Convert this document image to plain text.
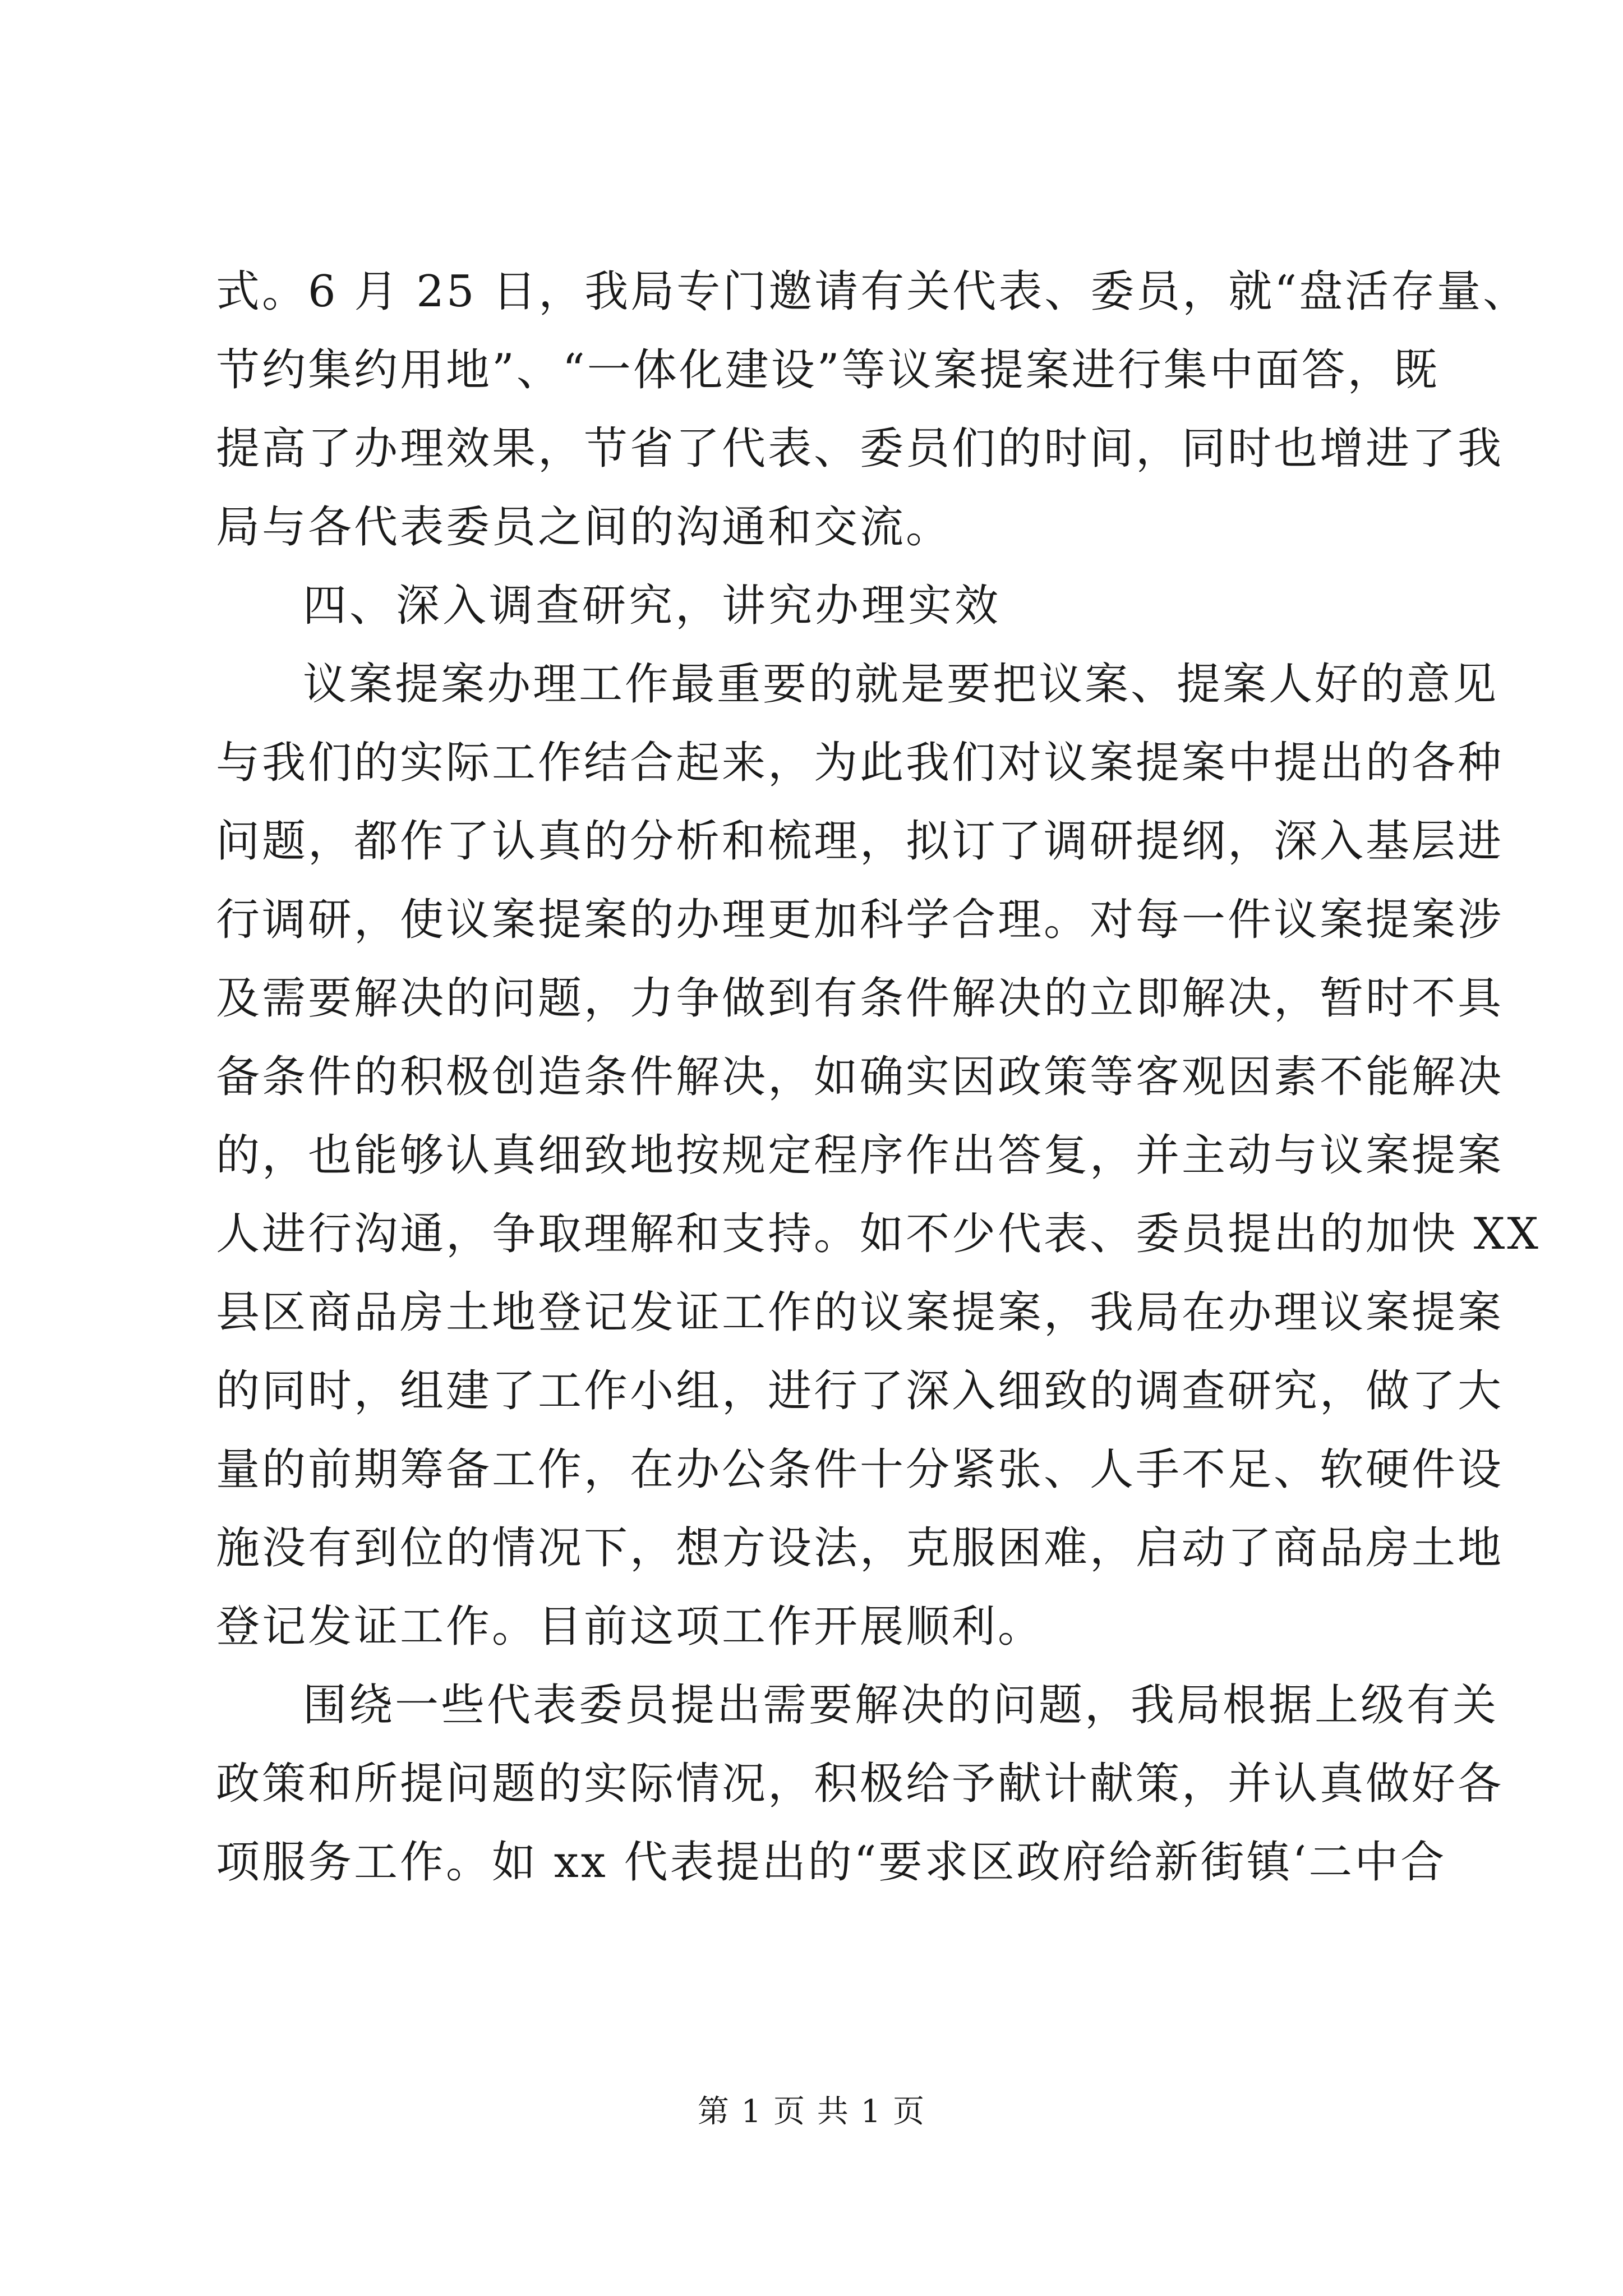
式。6 月 25 日，我局专门邀请有关代表、委员，就“盘活存量、
节约集约用地”、“一体化建设”等议案提案进行集中面答，既
提高了办理效果，节省了代表、委员们的时间，同时也增进了我
局与各代表委员之间的沟通和交流。
四、深入调查研究，讲究办理实效
议案提案办理工作最重要的就是要把议案、提案人好的意见
与我们的实际工作结合起来，为此我们对议案提案中提出的各种
问题，都作了认真的分析和梳理，拟订了调研提纲，深入基层进
行调研，使议案提案的办理更加科学合理。对每一件议案提案涉
及需要解决的问题，力争做到有条件解决的立即解决，暂时不具
备条件的积极创造条件解决，如确实因政策等客观因素不能解决
的，也能够认真细致地按规定程序作出答复，并主动与议案提案
人进行沟通，争取理解和支持。如不少代表、委员提出的加快 XX
县区商品房土地登记发证工作的议案提案，我局在办理议案提案
的同时，组建了工作小组，进行了深入细致的调查研究，做了大
量的前期筹备工作，在办公条件十分紧张、人手不足、软硬件设
施没有到位的情况下，想方设法，克服困难，启动了商品房土地
登记发证工作。目前这项工作开展顺利。
围绕一些代表委员提出需要解决的问题，我局根据上级有关
政策和所提问题的实际情况，积极给予献计献策，并认真做好各
项服务工作。如 xx 代表提出的“要求区政府给新街镇‘二中合
第 1 页 共 1 页
